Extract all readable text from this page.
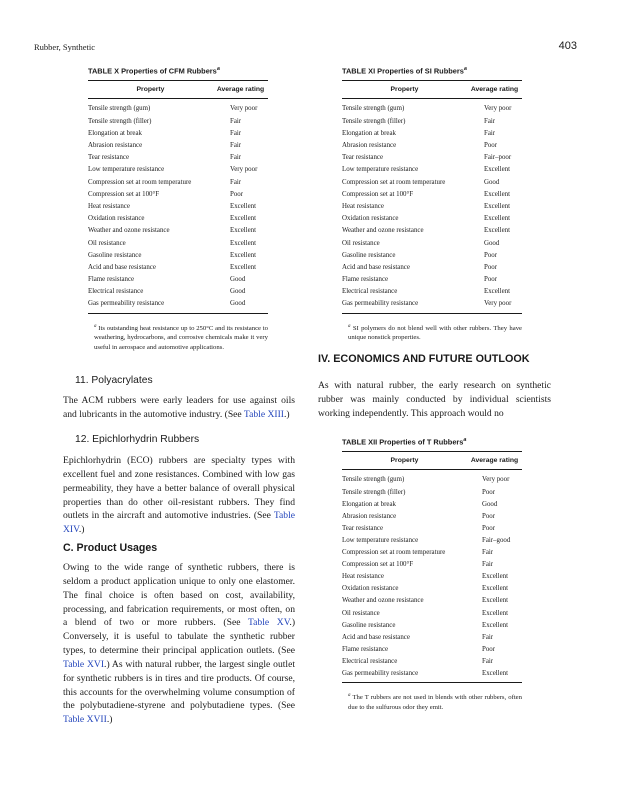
Rubber, Synthetic	403
TABLE X Properties of CFM Rubbers$^a$
Property	Average rating
Tensile strength (gum)	Very poor
Tensile strength (filler)	Fair
Elongation at break	Fair
Abrasion resistance	Fair
Tear resistance	Fair
Low temperature resistance	Very poor
Compression set at room temperature	Fair
Compression set at 100°F	Poor
Heat resistance	Excellent
Oxidation resistance	Excellent
Weather and ozone resistance	Excellent
Oil resistance	Excellent
Gasoline resistance	Excellent
Acid and base resistance	Excellent
Flame resistance	Good
Electrical resistance	Good
Gas permeability resistance	Good
$^a$ Its outstanding heat resistance up to 250°C and its resistance to weathering, hydrocarbons, and corrosive chemicals make it very useful in aerospace and automotive applications.
TABLE XI Properties of SI Rubbers$^a$
Property	Average rating
Tensile strength (gum)	Very poor
Tensile strength (filler)	Fair
Elongation at break	Fair
Abrasion resistance	Poor
Tear resistance	Fair–poor
Low temperature resistance	Excellent
Compression set at room temperature	Good
Compression set at 100°F	Excellent
Heat resistance	Excellent
Oxidation resistance	Excellent
Weather and ozone resistance	Excellent
Oil resistance	Good
Gasoline resistance	Poor
Acid and base resistance	Poor
Flame resistance	Poor
Electrical resistance	Excellent
Gas permeability resistance	Very poor
$^a$ SI polymers do not blend well with other rubbers. They have unique nonstick properties.
TABLE XII Properties of T Rubbers$^a$
Property	Average rating
Tensile strength (gum)	Very poor
Tensile strength (filler)	Poor
Elongation at break	Good
Abrasion resistance	Poor
Tear resistance	Poor
Low temperature resistance	Fair–good
Compression set at room temperature	Fair
Compression set at 100°F	Fair
Heat resistance	Excellent
Oxidation resistance	Excellent
Weather and ozone resistance	Excellent
Oil resistance	Excellent
Gasoline resistance	Excellent
Acid and base resistance	Fair
Flame resistance	Poor
Electrical resistance	Fair
Gas permeability resistance	Excellent
$^a$ The T rubbers are not used in blends with other rubbers, often due to the sulfurous odor they emit.
11. Polyacrylates
The ACM rubbers were early leaders for use against oils and lubricants in the automotive industry. (See Table XIII.)
12. Epichlorhydrin Rubbers
Epichlorhydrin (ECO) rubbers are specialty types with excellent fuel and zone resistances. Combined with low gas permeability, they have a better balance of overall physical properties than do other oil-resistant rubbers. They find outlets in the aircraft and automotive industries. (See Table XIV.)
C. Product Usages
Owing to the wide range of synthetic rubbers, there is seldom a product application unique to only one elastomer. The final choice is often based on cost, availability, processing, and fabrication requirements, or most often, on a blend of two or more rubbers. (See Table XV.) Conversely, it is useful to tabulate the synthetic rubber types, to determine their principal application outlets. (See Table XVI.) As with natural rubber, the largest single outlet for synthetic rubbers is in tires and tire products. Of course, this accounts for the overwhelming volume consumption of the polybutadiene-styrene and polybutadiene types. (See Table XVII.)
IV. ECONOMICS AND FUTURE OUTLOOK
As with natural rubber, the early research on synthetic rubber was mainly conducted by individual scientists working independently. This approach would no
